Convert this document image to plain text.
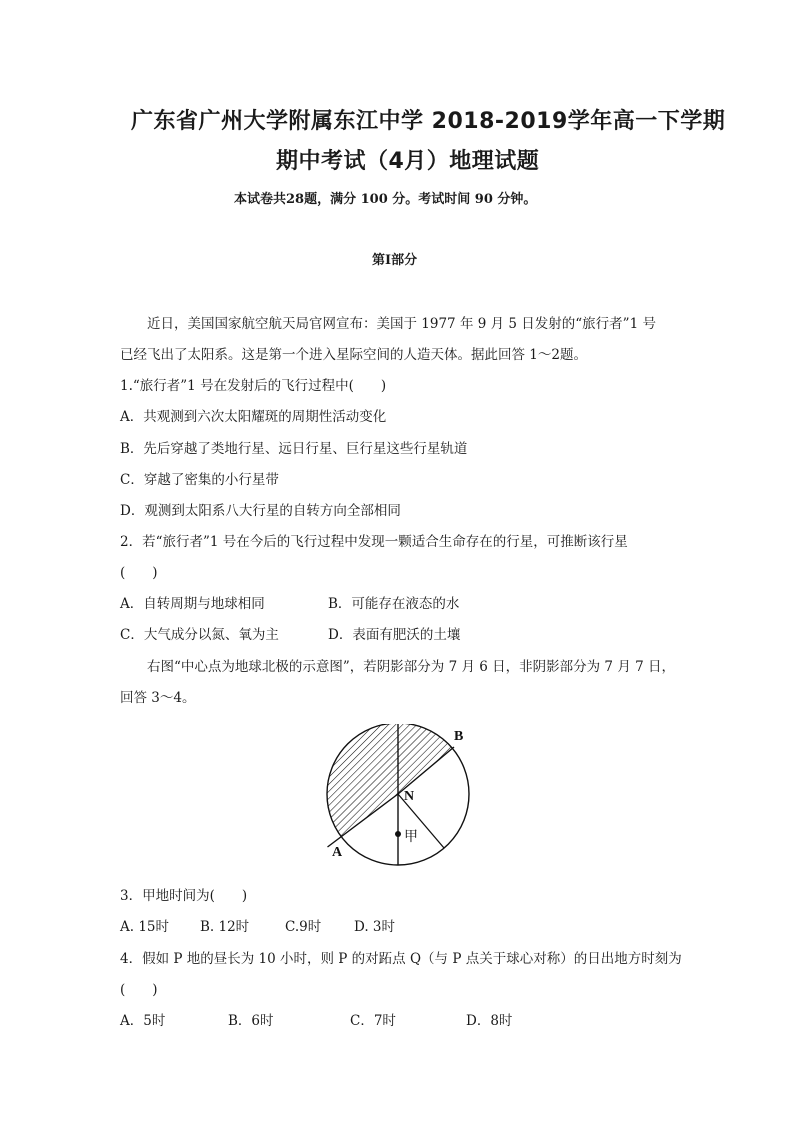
广东省广州大学附属东江中学 2018-2019学年高一下学期
期中考试（4月）地理试题
本试卷共28题，满分 100 分。考试时间 90 分钟。
第Ⅰ部分
近日，美国国家航空航天局官网宣布：美国于 1977 年 9 月 5 日发射的“旅行者”1 号
已经飞出了太阳系。这是第一个进入星际空间的人造天体。据此回答 1～2题。
1.“旅行者”1 号在发射后的飞行过程中(　　)
A．共观测到六次太阳耀斑的周期性活动变化
B．先后穿越了类地行星、远日行星、巨行星这些行星轨道
C．穿越了密集的小行星带
D．观测到太阳系八大行星的自转方向全部相同
2．若“旅行者”1 号在今后的飞行过程中发现一颗适合生命存在的行星，可推断该行星
(　　)
A．自转周期与地球相同	B．可能存在液态的水
C．大气成分以氮、氧为主	D．表面有肥沃的土壤
右图“中心点为地球北极的示意图”，若阴影部分为 7 月 6 日，非阴影部分为 7 月 7 日，
回答 3～4。
N
甲
A
B
3．甲地时间为(　　)
A. 15时 B. 12时	C.9时 D. 3时
4．假如 P 地的昼长为 10 小时，则 P 的对跖点 Q（与 P 点关于球心对称）的日出地方时刻为
(　　)
A．5时	B．6时	C．7时	D．8时
